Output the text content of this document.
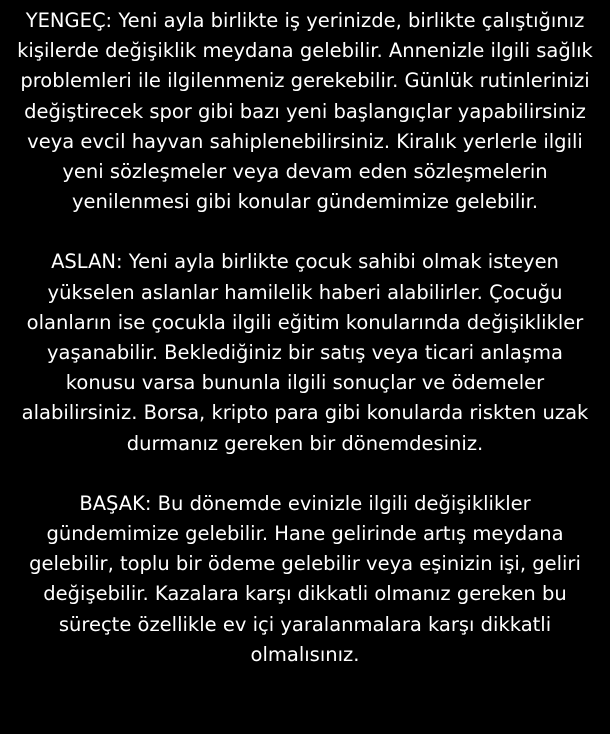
YENGEÇ: Yeni ayla birlikte iş yerinizde, birlikte çalıştığınız
kişilerde değişiklik meydana gelebilir. Annenizle ilgili sağlık
problemleri ile ilgilenmeniz gerekebilir. Günlük rutinlerinizi
değiştirecek spor gibi bazı yeni başlangıçlar yapabilirsiniz
veya evcil hayvan sahiplenebilirsiniz. Kiralık yerlerle ilgili
yeni sözleşmeler veya devam eden sözleşmelerin
yenilenmesi gibi konular gündemimize gelebilir.
ASLAN: Yeni ayla birlikte çocuk sahibi olmak isteyen
yükselen aslanlar hamilelik haberi alabilirler. Çocuğu
olanların ise çocukla ilgili eğitim konularında değişiklikler
yaşanabilir. Beklediğiniz bir satış veya ticari anlaşma
konusu varsa bununla ilgili sonuçlar ve ödemeler
alabilirsiniz. Borsa, kripto para gibi konularda riskten uzak
durmanız gereken bir dönemdesiniz.
BAŞAK: Bu dönemde evinizle ilgili değişiklikler
gündemimize gelebilir. Hane gelirinde artış meydana
gelebilir, toplu bir ödeme gelebilir veya eşinizin işi, geliri
değişebilir. Kazalara karşı dikkatli olmanız gereken bu
süreçte özellikle ev içi yaralanmalara karşı dikkatli
olmalısınız.
